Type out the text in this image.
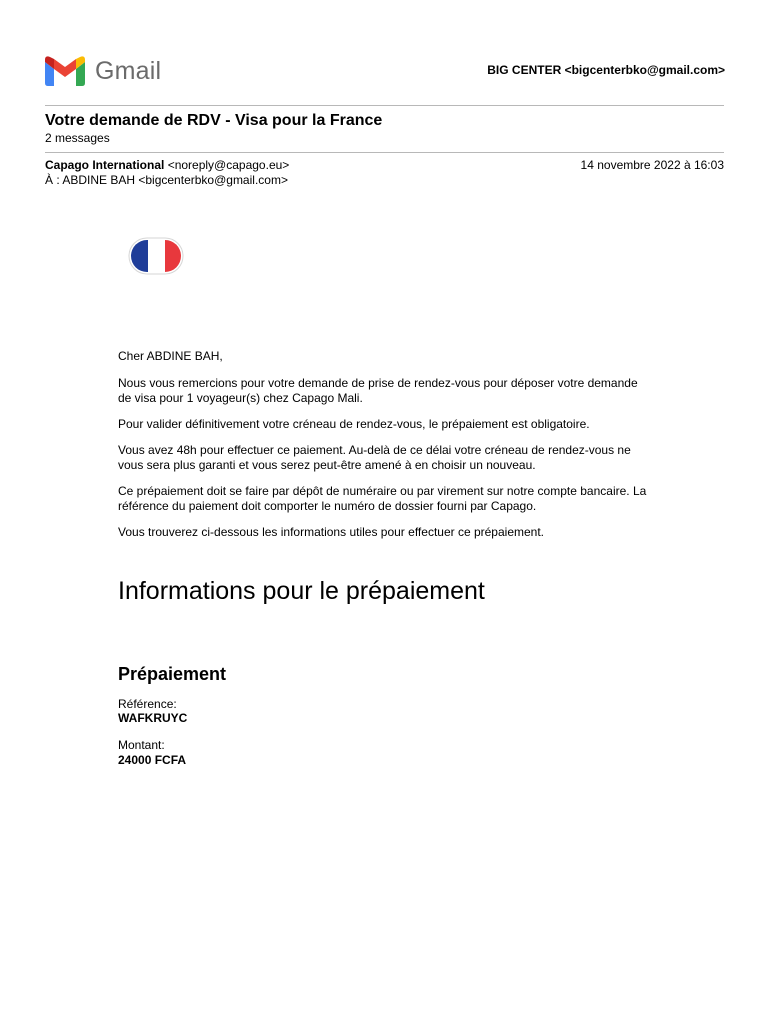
Gmail	BIG CENTER <bigcenterbko@gmail.com>
Votre demande de RDV - Visa pour la France
2 messages
Capago International <noreply@capago.eu>	14 novembre 2022 à 16:03
À : ABDINE BAH <bigcenterbko@gmail.com>

Cher ABDINE BAH,

Nous vous remercions pour votre demande de prise de rendez-vous pour déposer votre demande de visa pour 1 voyageur(s) chez Capago Mali.

Pour valider définitivement votre créneau de rendez-vous, le prépaiement est obligatoire.

Vous avez 48h pour effectuer ce paiement. Au-delà de ce délai votre créneau de rendez-vous ne vous sera plus garanti et vous serez peut-être amené à en choisir un nouveau.

Ce prépaiement doit se faire par dépôt de numéraire ou par virement sur notre compte bancaire. La référence du paiement doit comporter le numéro de dossier fourni par Capago.

Vous trouverez ci-dessous les informations utiles pour effectuer ce prépaiement.

Informations pour le prépaiement
Prépaiement
Référence:
WAFKRUYC
Montant:
24000 FCFA
